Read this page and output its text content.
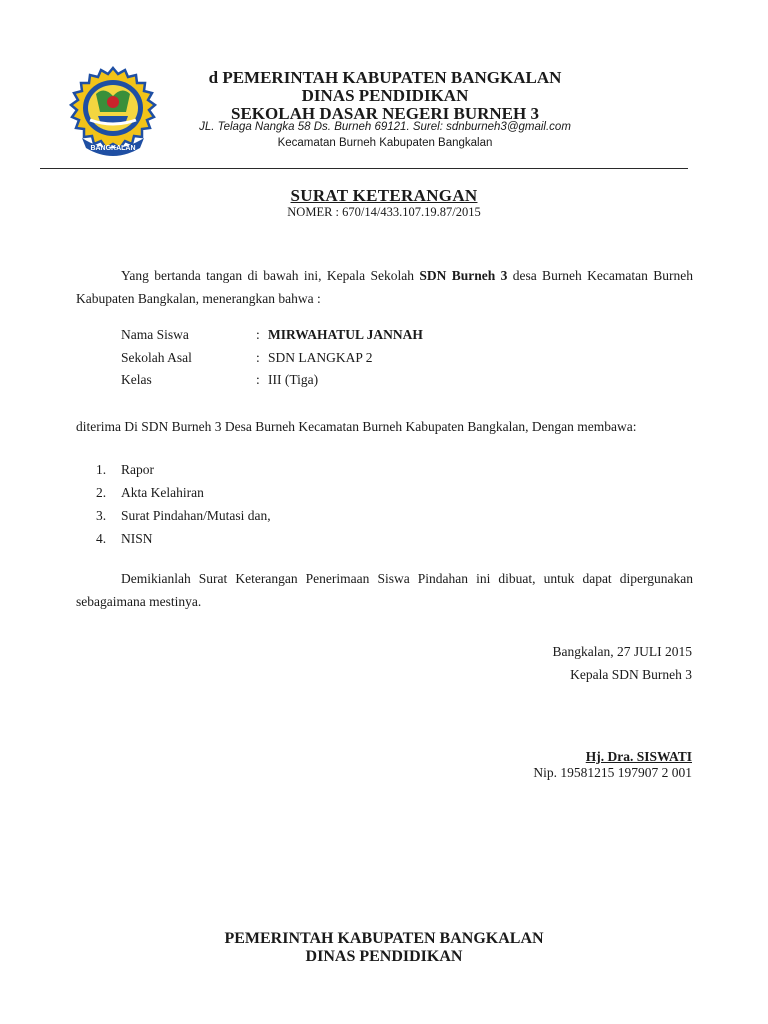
BANGKALAN
d PEMERINTAH KABUPATEN BANGKALAN
DINAS PENDIDIKAN
SEKOLAH DASAR NEGERI BURNEH 3
JL. Telaga Nangka 58 Ds. Burneh 69121. Surel: sdnburneh3@gmail.com
Kecamatan Burneh Kabupaten Bangkalan
SURAT KETERANGAN
NOMER : 670/14/433.107.19.87/2015
Yang bertanda tangan di bawah ini, Kepala Sekolah SDN Burneh 3 desa Burneh Kecamatan Burneh Kabupaten Bangkalan, menerangkan bahwa :
Nama Siswa	: MIRWAHATUL JANNAH
Sekolah Asal	: SDN LANGKAP 2
Kelas	: III (Tiga)
diterima Di SDN Burneh 3 Desa Burneh Kecamatan Burneh Kabupaten Bangkalan, Dengan membawa:
1. Rapor
2. Akta Kelahiran
3. Surat Pindahan/Mutasi dan,
4. NISN
Demikianlah Surat Keterangan Penerimaan Siswa Pindahan ini dibuat, untuk dapat dipergunakan sebagaimana mestinya.
Bangkalan, 27 JULI 2015
Kepala SDN Burneh 3
Hj. Dra. SISWATI
Nip. 19581215 197907 2 001
PEMERINTAH KABUPATEN BANGKALAN
DINAS PENDIDIKAN
